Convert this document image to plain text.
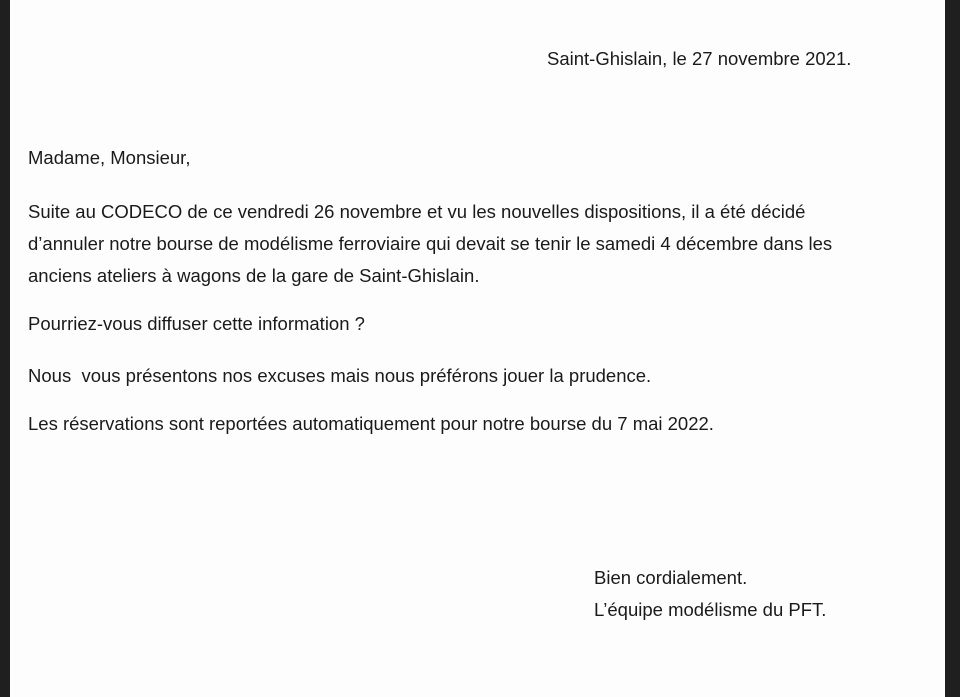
Saint-Ghislain, le 27 novembre 2021.
Madame, Monsieur,
Suite au CODECO de ce vendredi 26 novembre et vu les nouvelles dispositions, il a été décidé
d’annuler notre bourse de modélisme ferroviaire qui devait se tenir le samedi 4 décembre dans les
anciens ateliers à wagons de la gare de Saint-Ghislain.
Pourriez-vous diffuser cette information ?
Nous  vous présentons nos excuses mais nous préférons jouer la prudence.
Les réservations sont reportées automatiquement pour notre bourse du 7 mai 2022.
Bien cordialement.
L’équipe modélisme du PFT.
